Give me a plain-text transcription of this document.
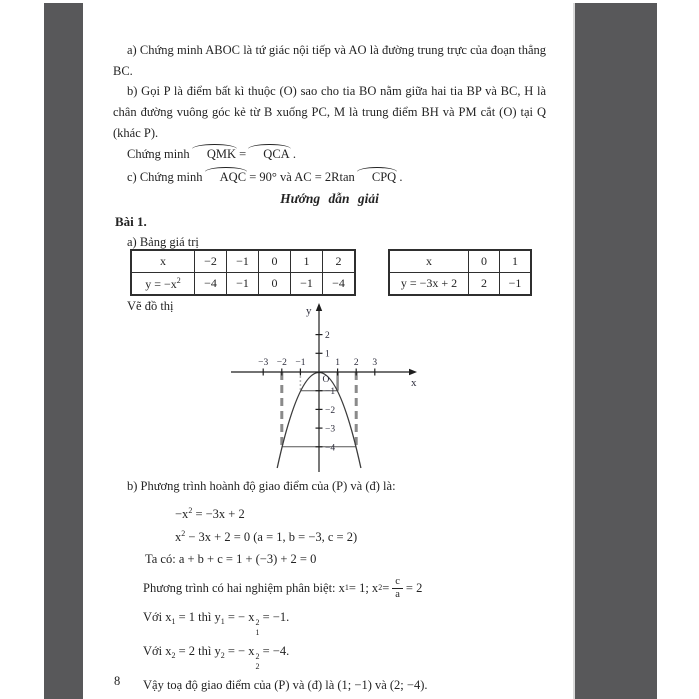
a) Chứng minh ABOC là tứ giác nội tiếp và AO là đường trung trực của đoạn thẳng BC.

b) Gọi P là điểm bất kì thuộc (O) sao cho tia BO nằm giữa hai tia BP và BC, H là chân đường vuông góc kẻ từ B xuống PC, M là trung điểm BH và PM cắt (O) tại Q (khác P).

Chứng minh QMK = QCA .

c) Chứng minh AQC = 90° và AC = 2Rtan CPQ .

Hướng dẫn giải

Bài 1.

a) Bảng giá trị

x	−2	−1	0	1	2
$y = -x^2$	−4	−1	0	−1	−4
x	0	1
y = −3x + 2	2	−1
Vẽ đồ thị
−3 −2 −1	1 2 3
2
1
−1
−2
−3
−4
x
y
O
b) Phương trình hoành độ giao điểm của (P) và (đ) là:
$-x^2 = -3x + 2$
$x^2 - 3x + 2 = 0$ (a = 1, b = −3, c = 2)
Ta có: a + b + c = 1 + (−3) + 2 = 0
Phương trình có hai nghiệm phân biệt: x 1 = 1; x $2 = \frac{c}{a} = 2$
Với $x_1 = 1$ thì $y_1$ = − x 2
1
= −1.
Với $x_2 = 2$ thì $y_2$ = − x 2
2
= −4.
Vậy toạ độ giao điểm của (P) và (đ) là (1; −1) và (2; −4).
8
